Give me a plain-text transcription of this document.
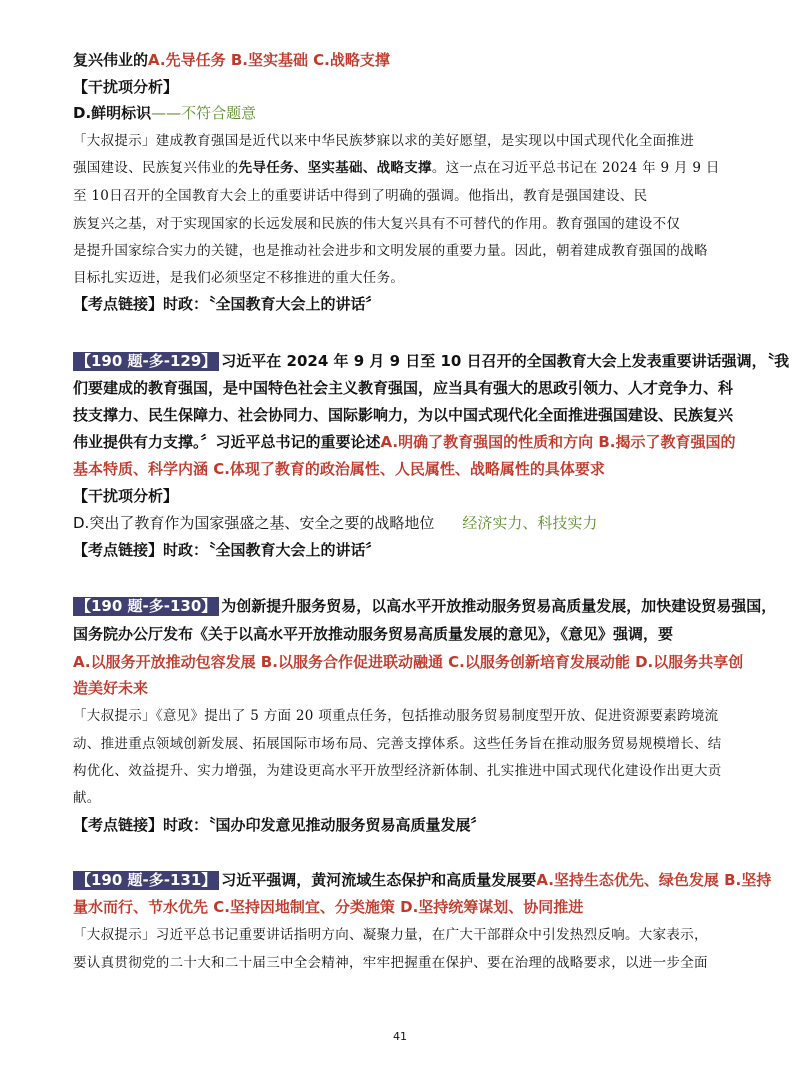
复兴伟业的A.先导任务 B.坚实基础 C.战略支撑
【干扰项分析】
D.鲜明标识——不符合题意
「大叔提示」建成教育强国是近代以来中华民族梦寐以求的美好愿望，是实现以中国式现代化全面推进
强国建设、民族复兴伟业的先导任务、坚实基础、战略支撑。这一点在习近平总书记在 2024 年 9 月 9 日
至 10日召开的全国教育大会上的重要讲话中得到了明确的强调。他指出，教育是强国建设、民
族复兴之基，对于实现国家的长远发展和民族的伟大复兴具有不可替代的作用。教育强国的建设不仅
是提升国家综合实力的关键，也是推动社会进步和文明发展的重要力量。因此，朝着建成教育强国的战略
目标扎实迈进，是我们必须坚定不移推进的重大任务。
【考点链接】时政：〝全国教育大会上的讲话〞
【190 题-多-129】 习近平在 2024 年 9 月 9 日至 10 日召开的全国教育大会上发表重要讲话强调，〝我
们要建成的教育强国，是中国特色社会主义教育强国，应当具有强大的思政引领力、人才竞争力、科
技支撑力、民生保障力、社会协同力、国际影响力，为以中国式现代化全面推进强国建设、民族复兴
伟业提供有力支撑。〞习近平总书记的重要论述A.明确了教育强国的性质和方向 B.揭示了教育强国的
基本特质、科学内涵 C.体现了教育的政治属性、人民属性、战略属性的具体要求
【干扰项分析】
D.突出了教育作为国家强盛之基、安全之要的战略地位 经济实力、科技实力
【考点链接】时政：〝全国教育大会上的讲话〞
【190 题-多-130】 为创新提升服务贸易，以高水平开放推动服务贸易高质量发展，加快建设贸易强国，
国务院办公厅发布《关于以高水平开放推动服务贸易高质量发展的意见》，《意见》强调，要
A.以服务开放推动包容发展 B.以服务合作促进联动融通 C.以服务创新培育发展动能 D.以服务共享创
造美好未来
「大叔提示」《意见》提出了 5 方面 20 项重点任务，包括推动服务贸易制度型开放、促进资源要素跨境流
动、推进重点领域创新发展、拓展国际市场布局、完善支撑体系。这些任务旨在推动服务贸易规模增长、结
构优化、效益提升、实力增强，为建设更高水平开放型经济新体制、扎实推进中国式现代化建设作出更大贡
献。
【考点链接】时政：〝国办印发意见推动服务贸易高质量发展〞
【190 题-多-131】 习近平强调，黄河流域生态保护和高质量发展要A.坚持生态优先、绿色发展 B.坚持
量水而行、节水优先 C.坚持因地制宜、分类施策 D.坚持统筹谋划、协同推进
「大叔提示」习近平总书记重要讲话指明方向、凝聚力量，在广大干部群众中引发热烈反响。大家表示，
要认真贯彻党的二十大和二十届三中全会精神，牢牢把握重在保护、要在治理的战略要求，以进一步全面
41
